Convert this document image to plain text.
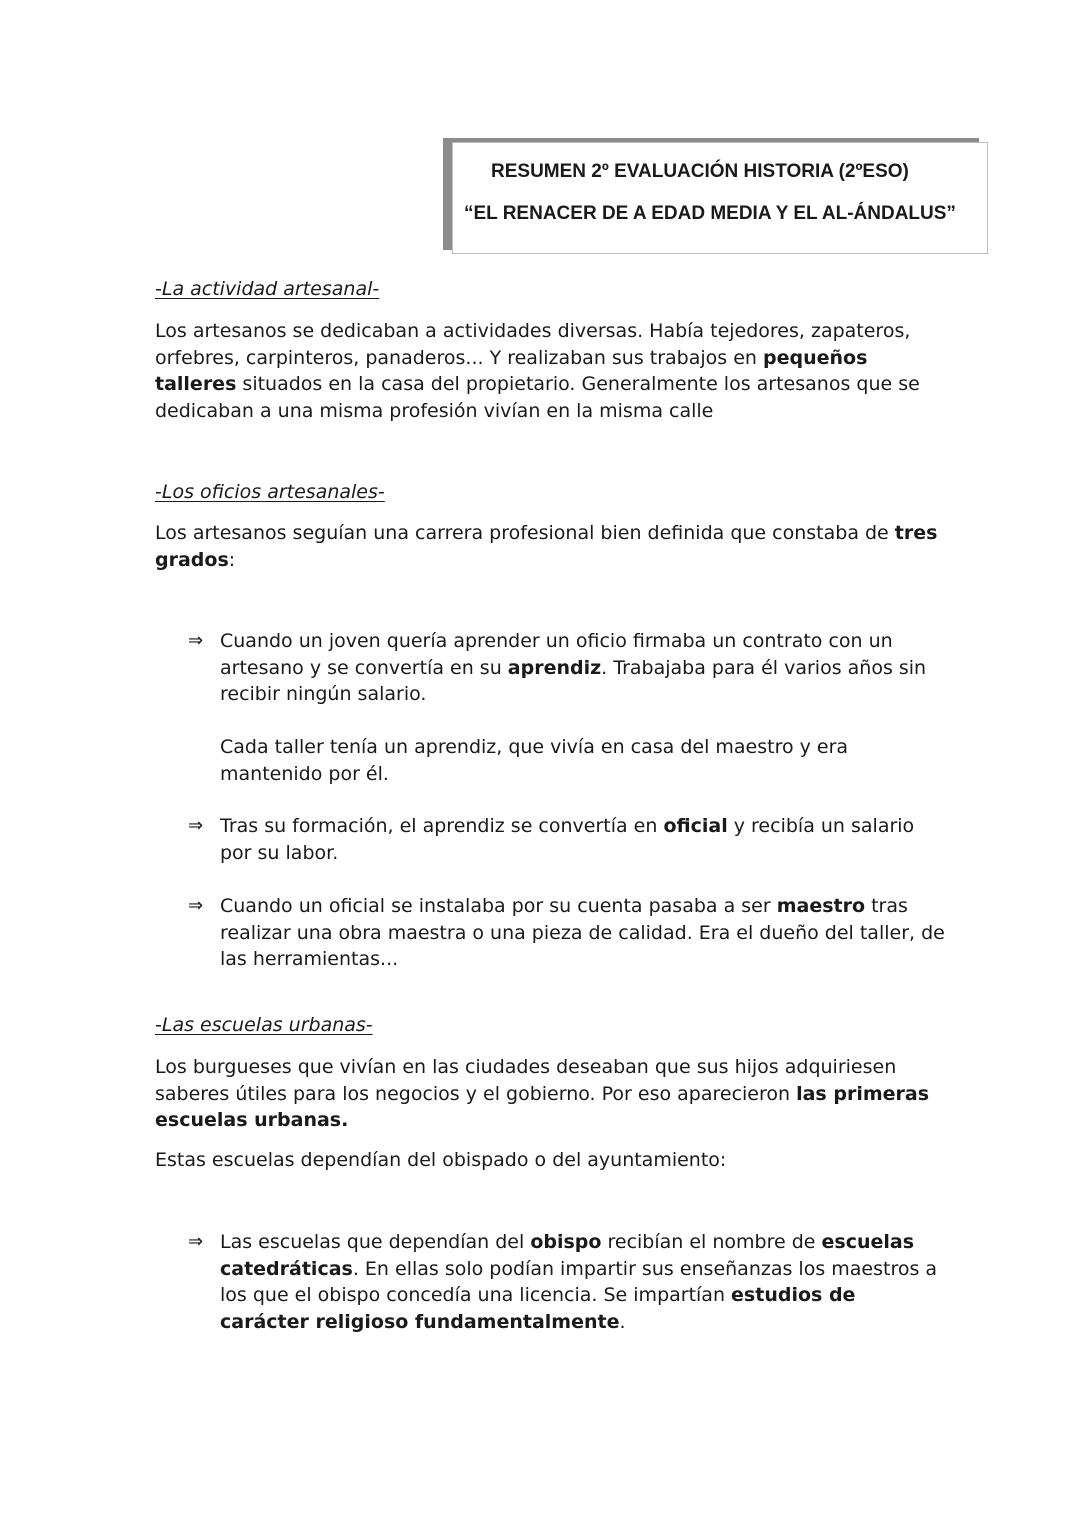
RESUMEN 2º EVALUACIÓN HISTORIA (2ºESO)
“EL RENACER DE A EDAD MEDIA Y EL AL-ÁNDALUS”
-La actividad artesanal-
Los artesanos se dedicaban a actividades diversas. Había tejedores, zapateros, orfebres, carpinteros, panaderos... Y realizaban sus trabajos en pequeños talleres situados en la casa del propietario. Generalmente los artesanos que se dedicaban a una misma profesión vivían en la misma calle
-Los oficios artesanales-
Los artesanos seguían una carrera profesional bien definida que constaba de tres grados:
⇒ Cuando un joven quería aprender un oficio firmaba un contrato con un artesano y se convertía en su aprendiz. Trabajaba para él varios años sin recibir ningún salario.
Cada taller tenía un aprendiz, que vivía en casa del maestro y era mantenido por él.
⇒ Tras su formación, el aprendiz se convertía en oficial y recibía un salario por su labor.
⇒ Cuando un oficial se instalaba por su cuenta pasaba a ser maestro tras realizar una obra maestra o una pieza de calidad. Era el dueño del taller, de las herramientas...
-Las escuelas urbanas-
Los burgueses que vivían en las ciudades deseaban que sus hijos adquiriesen saberes útiles para los negocios y el gobierno. Por eso aparecieron las primeras escuelas urbanas.
Estas escuelas dependían del obispado o del ayuntamiento:
⇒ Las escuelas que dependían del obispo recibían el nombre de escuelas catedráticas. En ellas solo podían impartir sus enseñanzas los maestros a los que el obispo concedía una licencia. Se impartían estudios de carácter religioso fundamentalmente.
